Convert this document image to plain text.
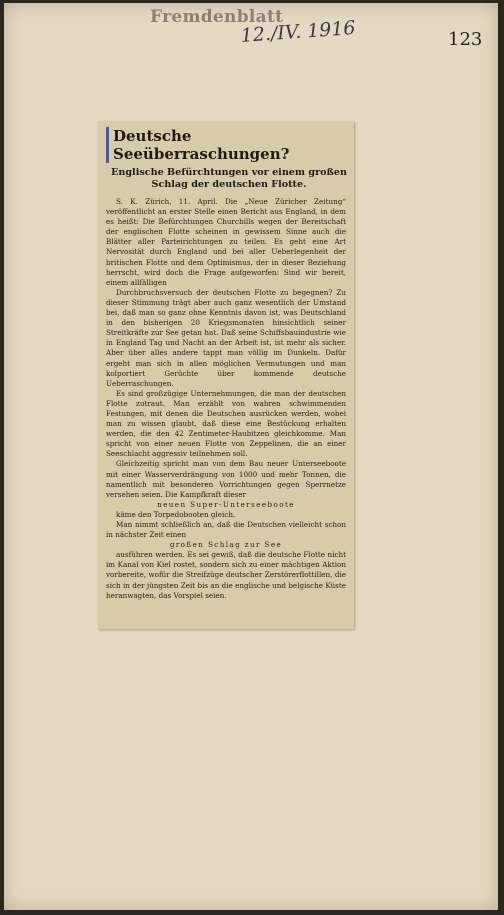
Fremdenblatt
12./IV. 1916	123
Deutsche Seeüberraschungen?
Englische Befürchtungen vor einem großen Schlag der deutschen Flotte.

S. K. Zürich, 11. April. Die „Neue Züricher Zeitung“ veröffentlicht an erster Stelle einen Bericht aus England, in dem es heißt: Die Befürchtungen Churchills wegen der Bereitschaft der englischen Flotte scheinen in gewissem Sinne auch die Blätter aller Parteirichtungen zu teilen. Es geht eine Art Nervosität durch England und bei aller Ueberlegenheit der britischen Flotte und dem Optimismus, der in dieser Beziehung herrscht, wird doch die Frage aufgeworfen: Sind wir bereit, einem allfälligen

Durchbruchsversuch der deutschen Flotte zu begegnen? Zu dieser Stimmung trägt aber auch ganz wesentlich der Umstand bei, daß man so ganz ohne Kenntnis davon ist, was Deutschland in den bisherigen 20 Kriegsmonaten hinsichtlich seiner Streitkräfte zur See getan hat. Daß seine Schiffsbauindustrie wie in England Tag und Nacht an der Arbeit ist, ist mehr als sicher. Aber über alles andere tappt man völlig im Dunkeln. Dafür ergeht man sich in allen möglichen Vermutungen und man kolportiert Gerüchte über kommende deutsche Ueberraschungen.

Es sind großzügige Unternehmungen, die man der deutschen Flotte zutraut. Man erzählt von wahren schwimmenden Festungen, mit denen die Deutschen ausrücken werden, wobei man zu wissen glaubt, daß diese eine Bestückung erhalten werden, die den 42 Zentimeter-Haubitzen gleichkomme. Man spricht von einer neuen Flotte von Zeppelinen, die an einer Seeschlacht aggressiv teilnehmen soll.

Gleichzeitig spricht man von dem Bau neuer Unterseeboote mit einer Wasserverdrängung von 1000 und mehr Tonnen, die namentlich mit besonderen Vorrichtungen gegen Sperrnetze versehen seien. Die Kampfkraft dieser

neuen Super-Unterseeboote

käme den Torpedobooten gleich.

Man nimmt schließlich an, daß die Deutschen vielleicht schon in nächster Zeit einen

großen Schlag zur See

ausführen werden. Es sei gewiß, daß die deutsche Flotte nicht im Kanal von Kiel rostet, sondern sich zu einer mächtigen Aktion vorbereite, wofür die Streifzüge deutscher Zerstörerflottillen, die sich in der jüngsten Zeit bis an die englische und belgische Küste heranwagten, das Vorspiel seien.
